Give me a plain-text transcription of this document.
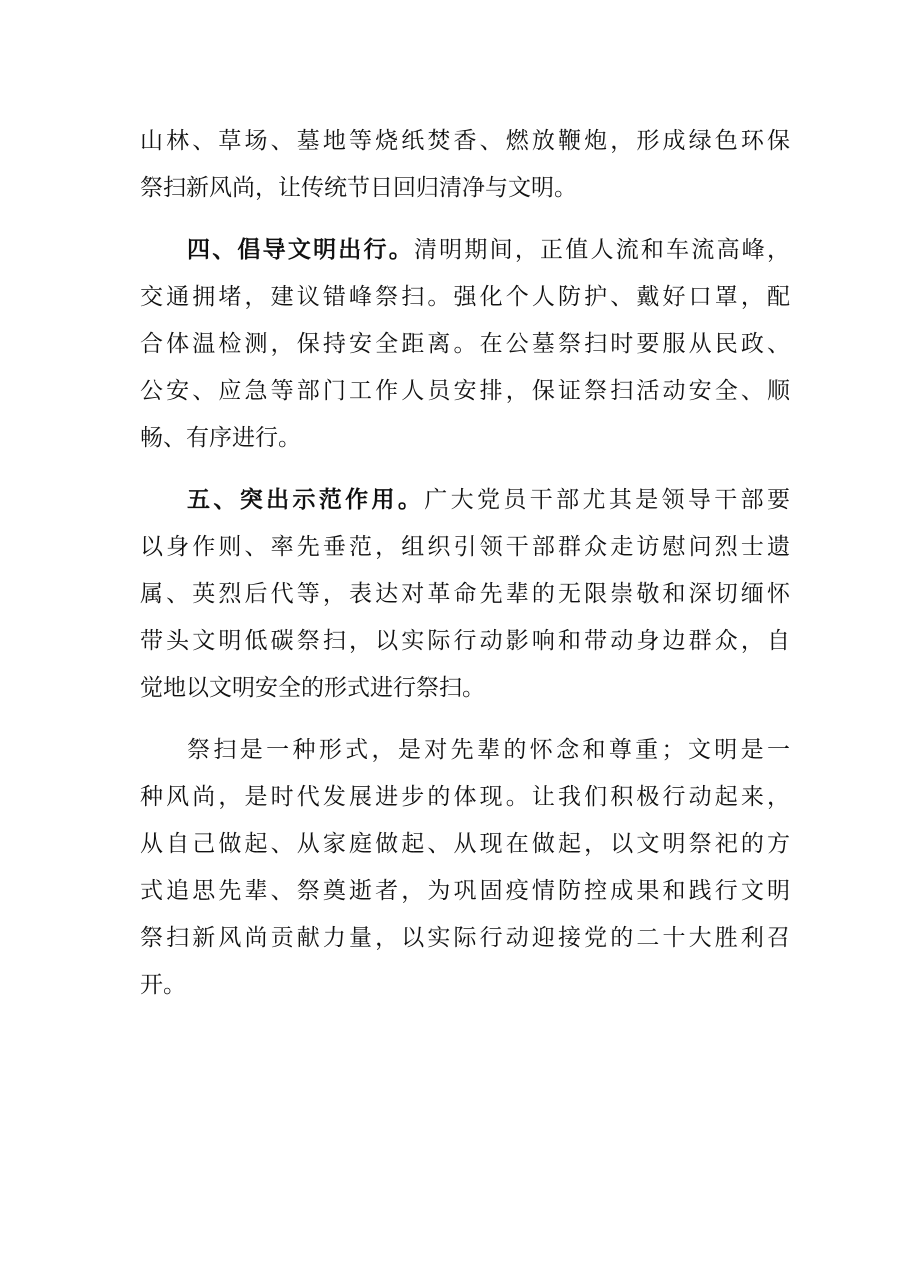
山林、草场、墓地等烧纸焚香、燃放鞭炮，形成绿色环保
祭扫新风尚，让传统节日回归清净与文明。
四、倡导文明出行。清明期间，正值人流和车流高峰，
交通拥堵，建议错峰祭扫。强化个人防护、戴好口罩，配
合体温检测，保持安全距离。在公墓祭扫时要服从民政、
公安、应急等部门工作人员安排，保证祭扫活动安全、顺
畅、有序进行。
五、突出示范作用。广大党员干部尤其是领导干部要
以身作则、率先垂范，组织引领干部群众走访慰问烈士遗
属、英烈后代等，表达对革命先辈的无限崇敬和深切缅怀
带头文明低碳祭扫，以实际行动影响和带动身边群众，自
觉地以文明安全的形式进行祭扫。
祭扫是一种形式，是对先辈的怀念和尊重；文明是一
种风尚，是时代发展进步的体现。让我们积极行动起来，
从自己做起、从家庭做起、从现在做起，以文明祭祀的方
式追思先辈、祭奠逝者，为巩固疫情防控成果和践行文明
祭扫新风尚贡献力量，以实际行动迎接党的二十大胜利召
开。
